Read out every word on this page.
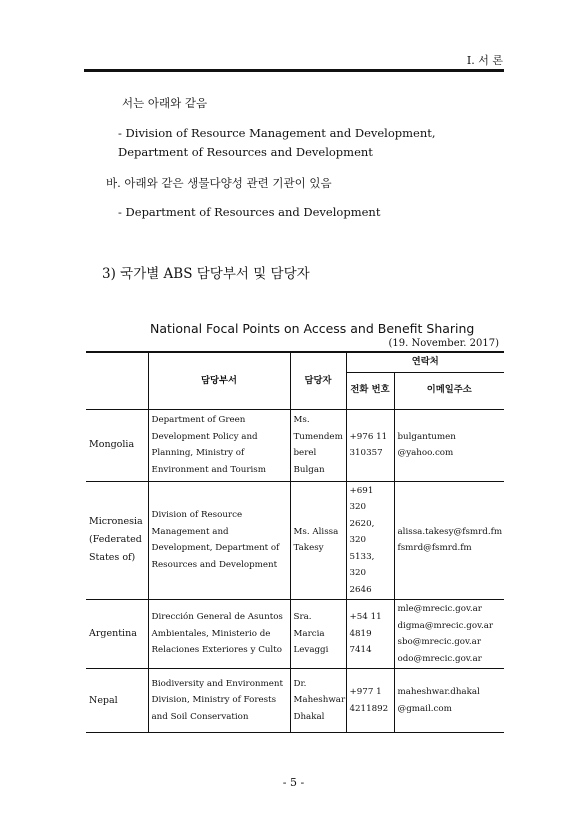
I. 서 론
서는 아래와 같음
- Division of Resource Management and Development, Department of Resources and Development
바. 아래와 같은 생물다양성 관련 기관이 있음
- Department of Resources and Development
3) 국가별 ABS 담당부서 및 담당자
National Focal Points on Access and Benefit Sharing
(19. November. 2017)
	담당부서	담당자	연락처	
			전화 번호	이메일주소
Mongolia	Department of Green Development Policy and Planning, Ministry of Environment and Tourism	Ms. Tumendem berel Bulgan	+976 11 310357	bulgantumen @yahoo.com
Micronesia (Federated States of)	Division of Resource Management and Development, Department of Resources and Development	Ms. Alissa Takesy	+691 320 2620, 320 5133, 320 2646	alissa.takesy@fsmrd.fm fsmrd@fsmrd.fm
Argentina	Dirección General de Asuntos Ambientales, Ministerio de Relaciones Exteriores y Culto	Sra. Marcia Levaggi	+54 11 4819 7414	mle@mrecic.gov.ar digma@mrecic.gov.ar sbo@mrecic.gov.ar odo@mrecic.gov.ar
Nepal	Biodiversity and Environment Division, Ministry of Forests and Soil Conservation	Dr. Maheshwar Dhakal	+977 1 4211892	maheshwar.dhakal @gmail.com
- 5 -
